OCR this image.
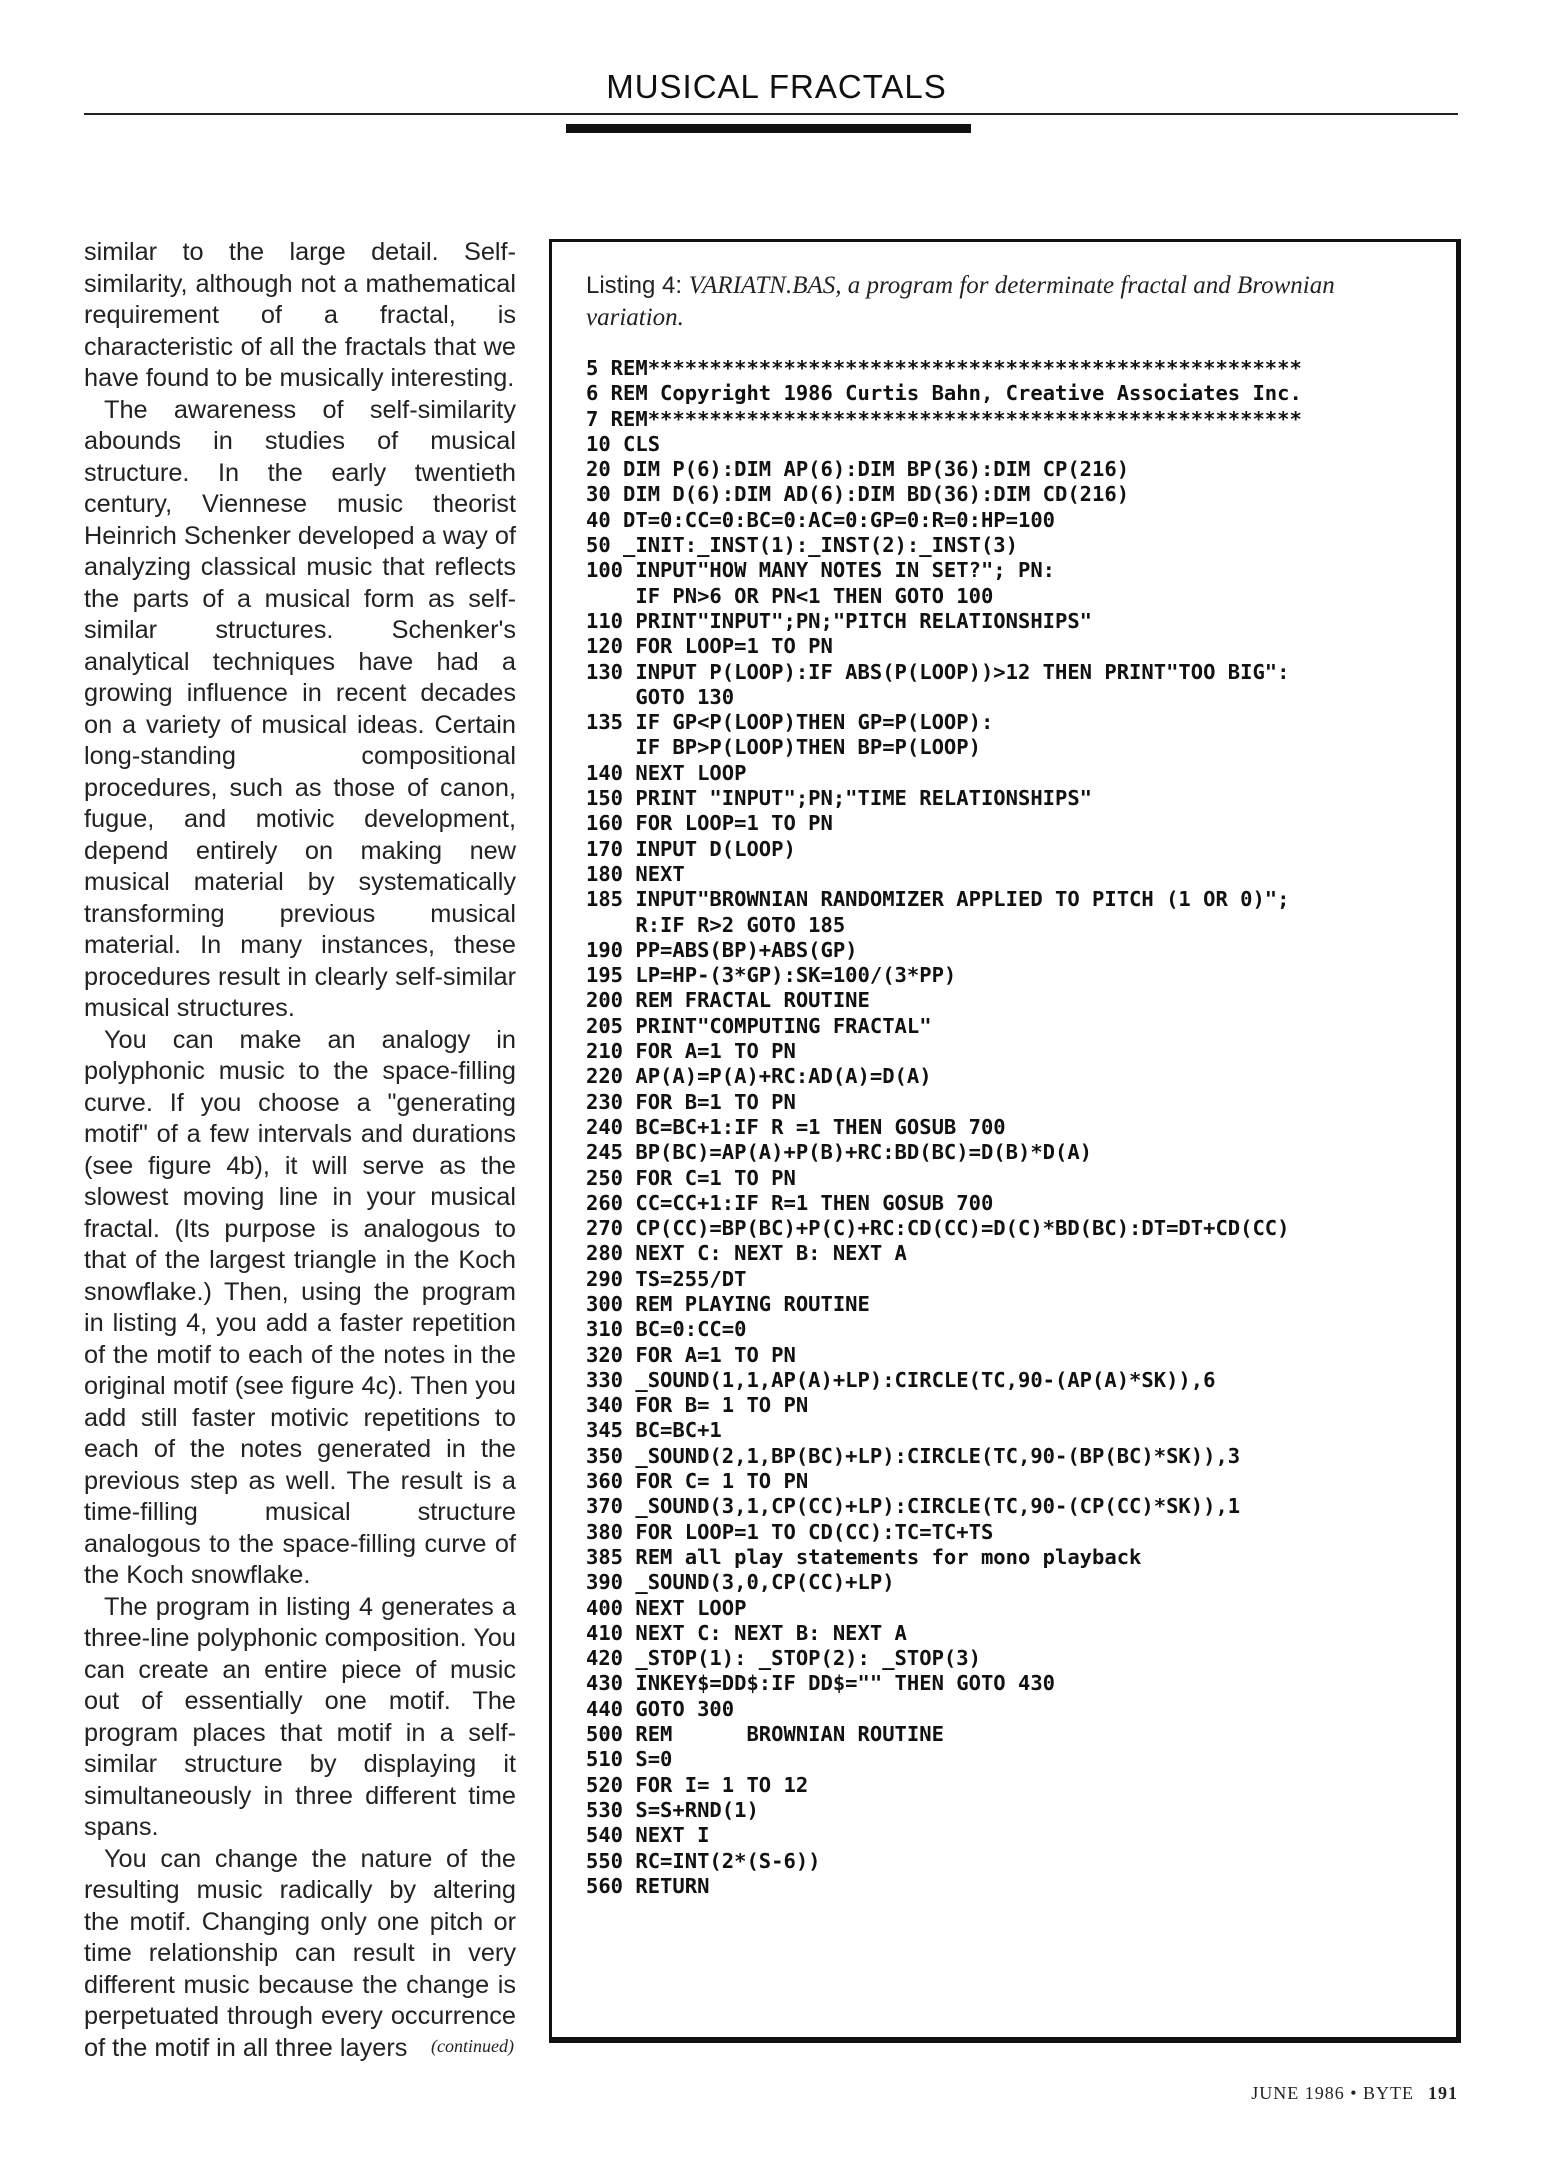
MUSICAL FRACTALS

similar to the large detail. Self-similarity, although not a mathematical requirement of a fractal, is characteristic of all the fractals that we have found to be musically interesting.

The awareness of self-similarity abounds in studies of musical structure. In the early twentieth century, Viennese music theorist Heinrich Schenker developed a way of analyzing classical music that reflects the parts of a musical form as self-similar structures. Schenker's analytical techniques have had a growing influence in recent decades on a variety of musical ideas. Certain long-standing compositional procedures, such as those of canon, fugue, and motivic development, depend entirely on making new musical material by systematically transforming previous musical material. In many instances, these procedures result in clearly self-similar musical structures.

You can make an analogy in polyphonic music to the space-filling curve. If you choose a "generating motif" of a few intervals and durations (see figure 4b), it will serve as the slowest moving line in your musical fractal. (Its purpose is analogous to that of the largest triangle in the Koch snowflake.) Then, using the program in listing 4, you add a faster repetition of the motif to each of the notes in the original motif (see figure 4c). Then you add still faster motivic repetitions to each of the notes generated in the previous step as well. The result is a time-filling musical structure analogous to the space-filling curve of the Koch snowflake.

The program in listing 4 generates a three-line polyphonic composition. You can create an entire piece of music out of essentially one motif. The program places that motif in a self-similar structure by displaying it simultaneously in three different time spans.

You can change the nature of the resulting music radically by altering the motif. Changing only one pitch or time relationship can result in very different music because the change is perpetuated through every occurrence of the motif in all three layers	(continued)
Listing 4: VARIATN.BAS, a program for determinate fractal and Brownian variation.
5 REM*****************************************************
6 REM Copyright 1986 Curtis Bahn, Creative Associates Inc.
7 REM*****************************************************
10 CLS
20 DIM P(6):DIM AP(6):DIM BP(36):DIM CP(216)
30 DIM D(6):DIM AD(6):DIM BD(36):DIM CD(216)
40 DT=0:CC=0:BC=0:AC=0:GP=0:R=0:HP=100
50 _INIT:_INST(1):_INST(2):_INST(3)
100 INPUT"HOW MANY NOTES IN SET?"; PN:
IF PN>6 OR PN<1 THEN GOTO 100
110 PRINT"INPUT";PN;"PITCH RELATIONSHIPS"
120 FOR LOOP=1 TO PN
130 INPUT P(LOOP):IF ABS(P(LOOP))>12 THEN PRINT"TOO BIG":
GOTO 130
135 IF GP<P(LOOP)THEN GP=P(LOOP):
IF BP>P(LOOP)THEN BP=P(LOOP)
140 NEXT LOOP
150 PRINT "INPUT";PN;"TIME RELATIONSHIPS"
160 FOR LOOP=1 TO PN
170 INPUT D(LOOP)
180 NEXT
185 INPUT"BROWNIAN RANDOMIZER APPLIED TO PITCH (1 OR 0)";
R:IF R>2 GOTO 185
190 PP=ABS(BP)+ABS(GP)
195 LP=HP-(3*GP):SK=100/(3*PP)
200 REM FRACTAL ROUTINE
205 PRINT"COMPUTING FRACTAL"
210 FOR A=1 TO PN
220 AP(A)=P(A)+RC:AD(A)=D(A)
230 FOR B=1 TO PN
240 BC=BC+1:IF R =1 THEN GOSUB 700
245 BP(BC)=AP(A)+P(B)+RC:BD(BC)=D(B)*D(A)
250 FOR C=1 TO PN
260 CC=CC+1:IF R=1 THEN GOSUB 700
270 CP(CC)=BP(BC)+P(C)+RC:CD(CC)=D(C)*BD(BC):DT=DT+CD(CC)
280 NEXT C: NEXT B: NEXT A
290 TS=255/DT
300 REM PLAYING ROUTINE
310 BC=0:CC=0
320 FOR A=1 TO PN
330 _SOUND(1,1,AP(A)+LP):CIRCLE(TC,90-(AP(A)*SK)),6
340 FOR B= 1 TO PN
345 BC=BC+1
350 _SOUND(2,1,BP(BC)+LP):CIRCLE(TC,90-(BP(BC)*SK)),3
360 FOR C= 1 TO PN
370 _SOUND(3,1,CP(CC)+LP):CIRCLE(TC,90-(CP(CC)*SK)),1
380 FOR LOOP=1 TO CD(CC):TC=TC+TS
385 REM all play statements for mono playback
390 _SOUND(3,0,CP(CC)+LP)
400 NEXT LOOP
410 NEXT C: NEXT B: NEXT A
420 _STOP(1): _STOP(2): _STOP(3)
430 INKEY$=DD$:IF DD$="" THEN GOTO 430
440 GOTO 300
500 REM      BROWNIAN ROUTINE
510 S=0
520 FOR I= 1 TO 12
530 S=S+RND(1)
540 NEXT I
550 RC=INT(2*(S-6))
560 RETURN
JUNE 1986 • BYTE 191
